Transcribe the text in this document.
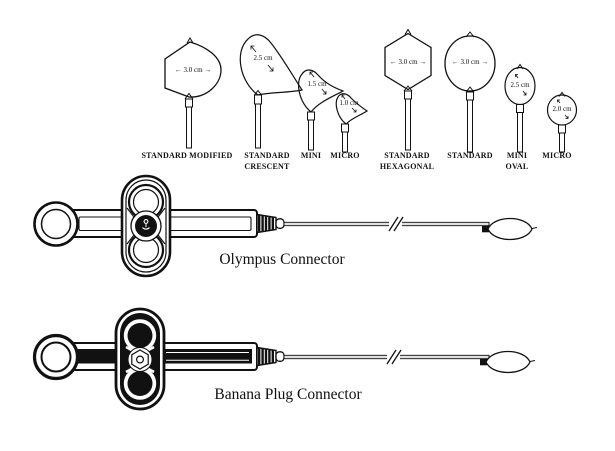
← 3.0 cm →
2.5 cm
1.5 cm
1.0 cm
← 3.0 cm →	← 3.0 cm →
2.5 cm
2.0 cm
STANDARD MODIFIED STANDARD
CRESCENT
MINI MICRO	STANDARD
HEXAGONAL
STANDARD MINI
OVAL
MICRO
Olympus Connector
Banana Plug Connector
